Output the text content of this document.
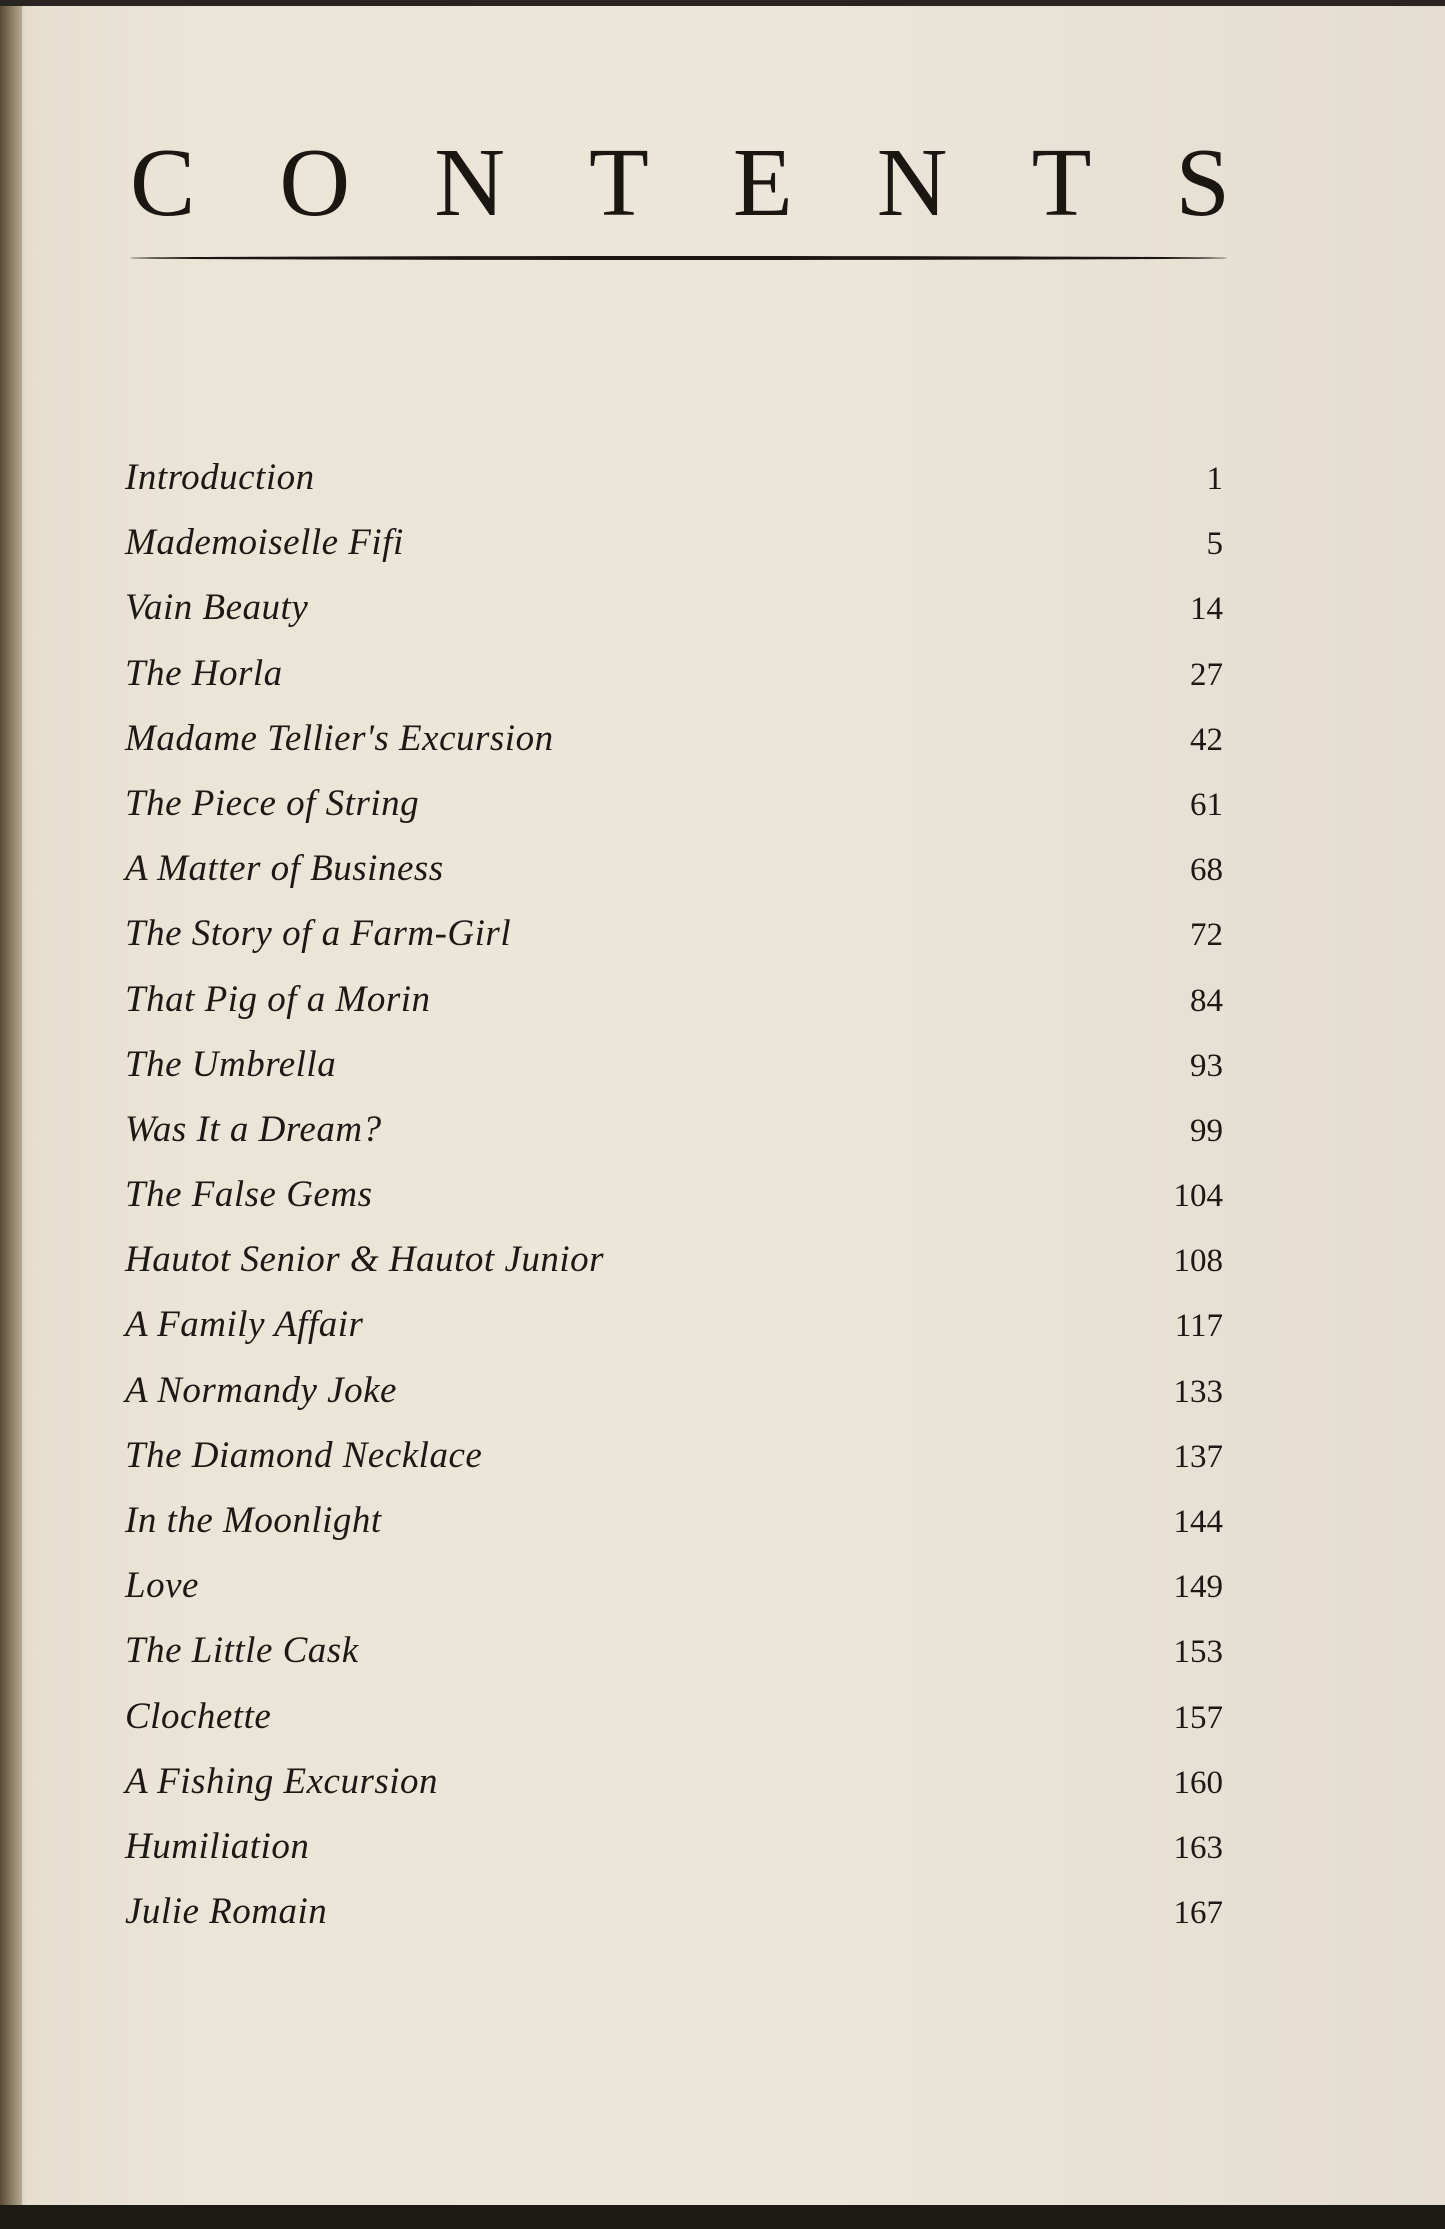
C O N T E N T S
Introduction	1
Mademoiselle Fifi	5
Vain Beauty	14
The Horla	27
Madame Tellier's Excursion	42
The Piece of String	61
A Matter of Business	68
The Story of a Farm-Girl	72
That Pig of a Morin	84
The Umbrella	93
Was It a Dream?	99
The False Gems	104
Hautot Senior & Hautot Junior	108
A Family Affair	117
A Normandy Joke	133
The Diamond Necklace	137
In the Moonlight	144
Love	149
The Little Cask	153
Clochette	157
A Fishing Excursion	160
Humiliation	163
Julie Romain	167
